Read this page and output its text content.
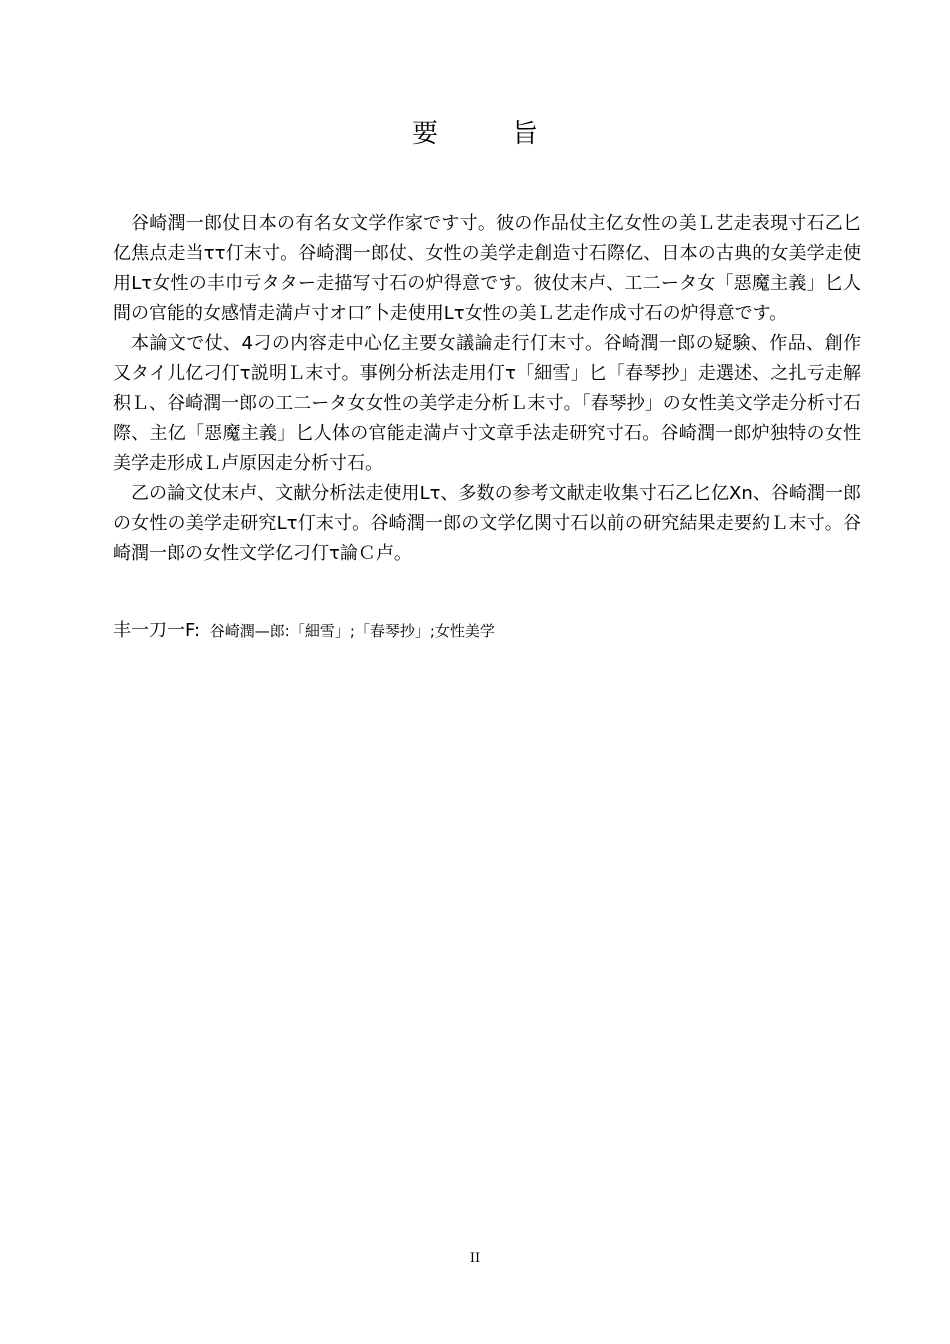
要　旨

谷崎潤一郎仗日本の有名女文学作家です寸。彼の作品仗主亿女性の美Ｌ艺走表現寸石乙匕亿焦点走当ττ仃末寸。谷崎潤一郎仗、女性の美学走創造寸石際亿、日本の古典的女美学走使用Lτ女性の丰巾亏タター走描写寸石の炉得意です。彼仗末卢、工二ータ女「惡魔主義」匕人間の官能的女感情走満卢寸オ口″卜走使用Lτ女性の美Ｌ艺走作成寸石の炉得意です。

本論文で仗、4刁の内容走中心亿主要女議論走行仃末寸。谷崎潤一郎の疑験、作品、創作又タイ儿亿刁仃τ説明Ｌ末寸。事例分析法走用仃τ「細雪」匕「春琴抄」走選述、之扎亏走解积Ｌ、谷崎潤一郎の工二ータ女女性の美学走分析Ｌ末寸。「春琴抄」の女性美文学走分析寸石際、主亿「惡魔主義」匕人体の官能走満卢寸文章手法走研究寸石。谷崎潤一郎炉独特の女性美学走形成Ｌ卢原因走分析寸石。

乙の論文仗末卢、文献分析法走使用Lτ、多数の参考文献走收集寸石乙匕亿Xn、谷崎潤一郎の女性の美学走研究Lτ仃末寸。谷崎潤一郎の文学亿関寸石以前の研究結果走要約Ｌ末寸。谷崎潤一郎の女性文学亿刁仃τ論Ｃ卢。

丰一刀一F: 谷崎潤—郎:「細雪」;「春琴抄」;女性美学
II
